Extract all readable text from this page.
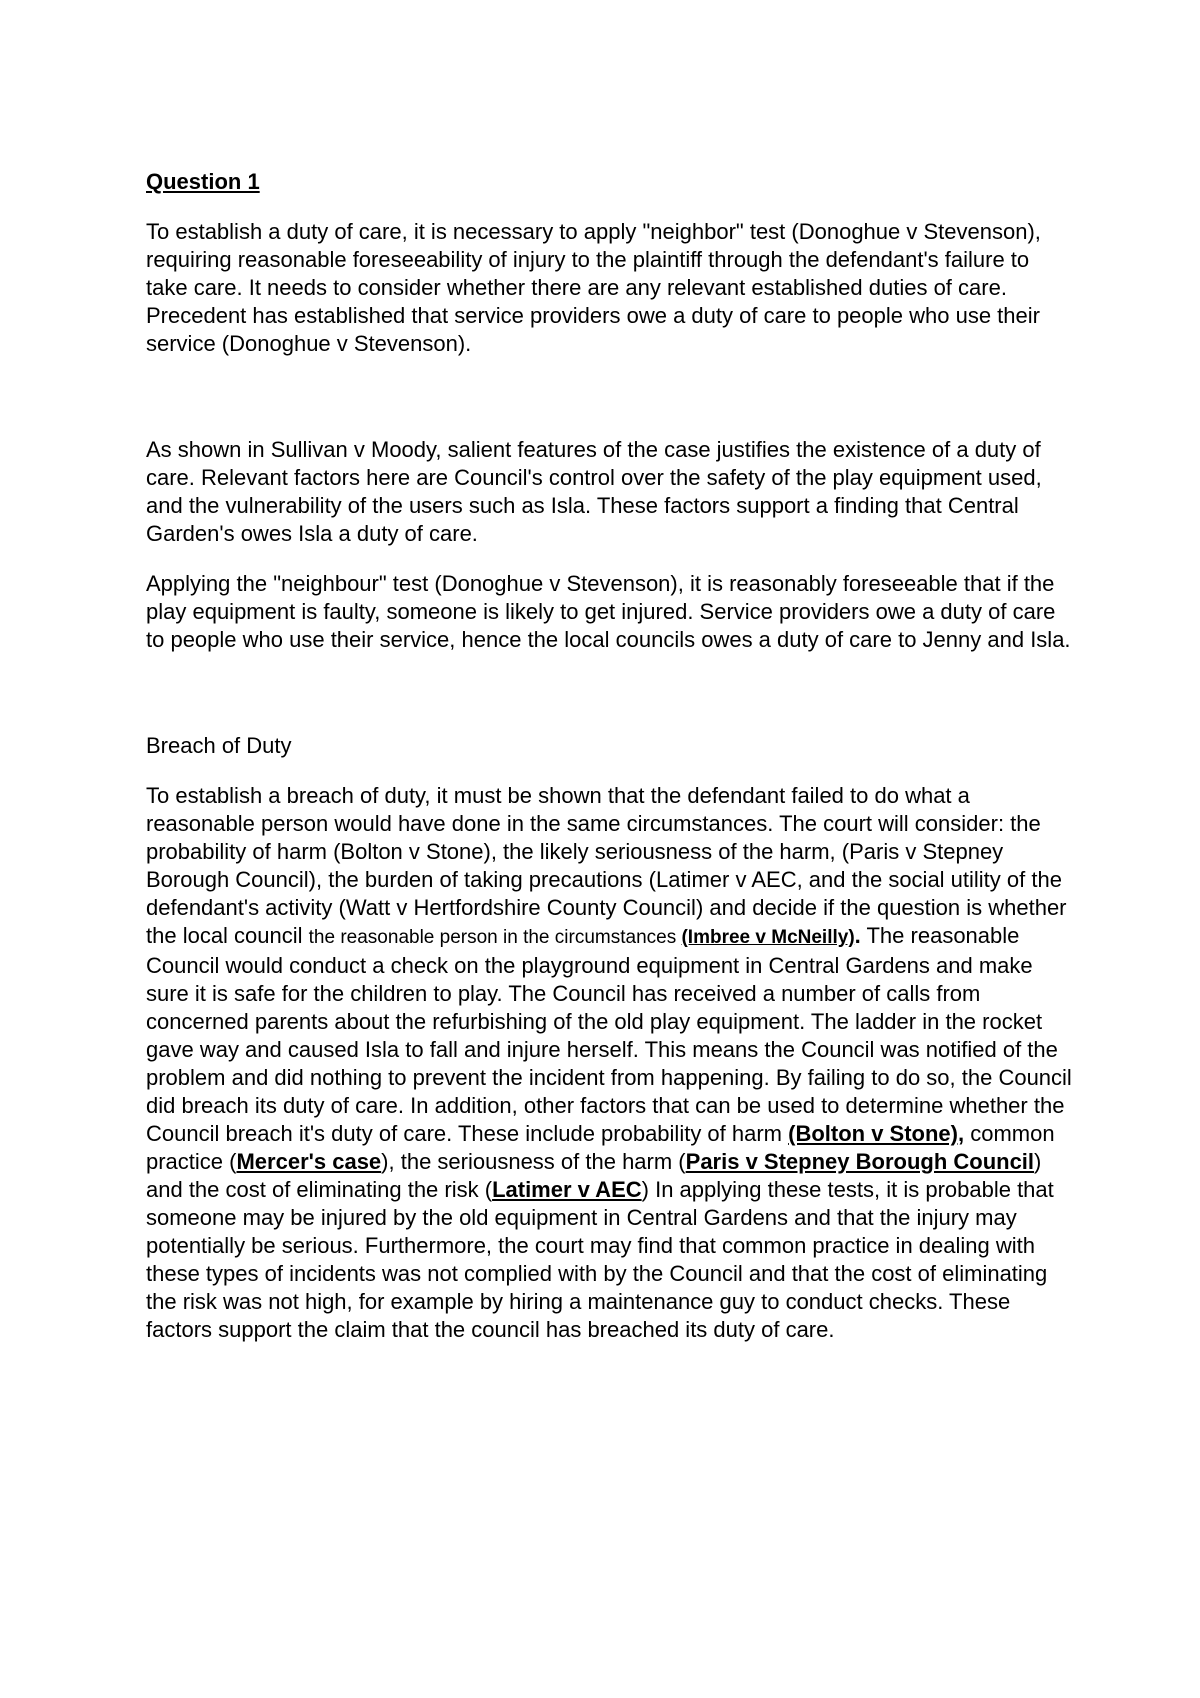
Question 1

To establish a duty of care, it is necessary to apply "neighbor" test (Donoghue v Stevenson), requiring reasonable foreseeability of injury to the plaintiff through the defendant's failure to take care. It needs to consider whether there are any relevant established duties of care. Precedent has established that service providers owe a duty of care to people who use their service (Donoghue v Stevenson).

As shown in Sullivan v Moody, salient features of the case justifies the existence of a duty of care. Relevant factors here are Council's control over the safety of the play equipment used, and the vulnerability of the users such as Isla. These factors support a finding that Central Garden's owes Isla a duty of care.

Applying the "neighbour" test (Donoghue v Stevenson), it is reasonably foreseeable that if the play equipment is faulty, someone is likely to get injured. Service providers owe a duty of care to people who use their service, hence the local councils owes a duty of care to Jenny and Isla.

Breach of Duty

To establish a breach of duty, it must be shown that the defendant failed to do what a reasonable person would have done in the same circumstances. The court will consider: the probability of harm (Bolton v Stone), the likely seriousness of the harm, (Paris v Stepney Borough Council), the burden of taking precautions (Latimer v AEC, and the social utility of the defendant's activity (Watt v Hertfordshire County Council) and decide if the question is whether the local council the reasonable person in the circumstances (Imbree v McNeilly). The reasonable Council would conduct a check on the playground equipment in Central Gardens and make sure it is safe for the children to play. The Council has received a number of calls from concerned parents about the refurbishing of the old play equipment. The ladder in the rocket gave way and caused Isla to fall and injure herself. This means the Council was notified of the problem and did nothing to prevent the incident from happening. By failing to do so, the Council did breach its duty of care. In addition, other factors that can be used to determine whether the Council breach it's duty of care. These include probability of harm (Bolton v Stone), common practice (Mercer's case), the seriousness of the harm (Paris v Stepney Borough Council) and the cost of eliminating the risk (Latimer v AEC) In applying these tests, it is probable that someone may be injured by the old equipment in Central Gardens and that the injury may potentially be serious. Furthermore, the court may find that common practice in dealing with these types of incidents was not complied with by the Council and that the cost of eliminating the risk was not high, for example by hiring a maintenance guy to conduct checks. These factors support the claim that the council has breached its duty of care.
